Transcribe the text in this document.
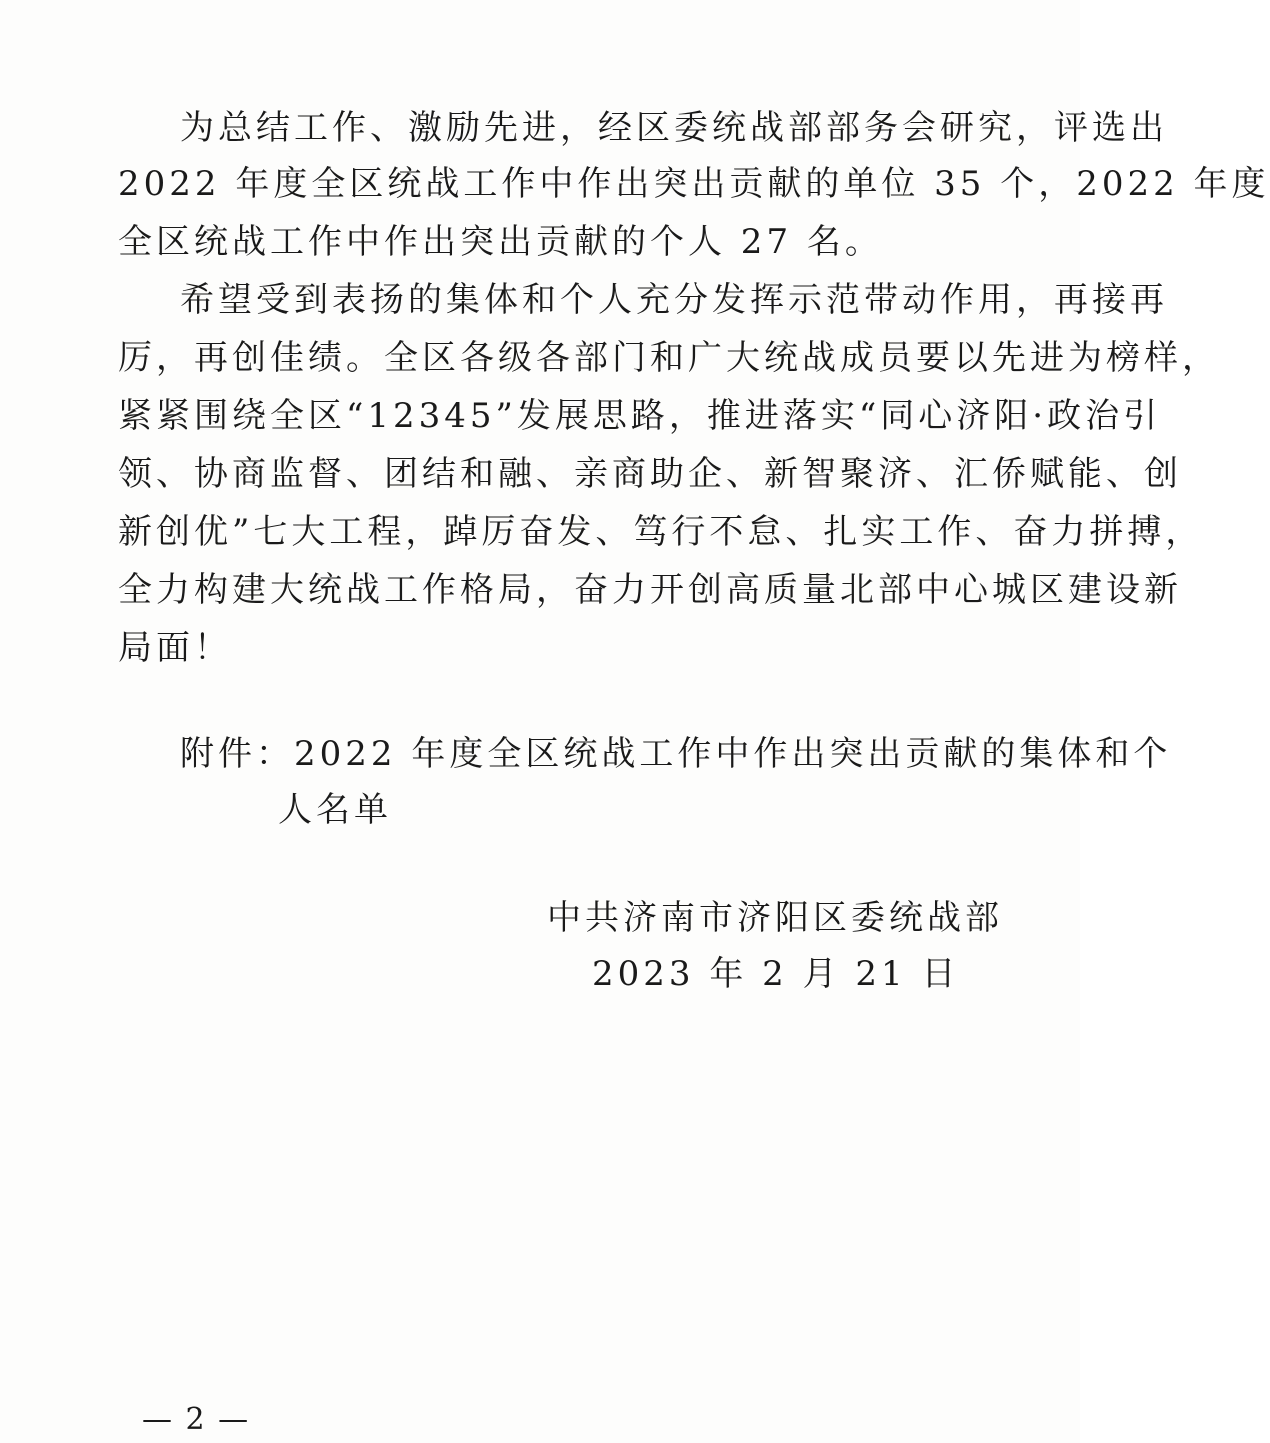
为总结工作、激励先进，经区委统战部部务会研究，评选出
2022 年度全区统战工作中作出突出贡献的单位 35 个，2022 年度
全区统战工作中作出突出贡献的个人 27 名。
希望受到表扬的集体和个人充分发挥示范带动作用，再接再
厉，再创佳绩。全区各级各部门和广大统战成员要以先进为榜样，
紧紧围绕全区“12345”发展思路，推进落实“同心济阳·政治引
领、协商监督、团结和融、亲商助企、新智聚济、汇侨赋能、创
新创优”七大工程，踔厉奋发、笃行不怠、扎实工作、奋力拼搏，
全力构建大统战工作格局，奋力开创高质量北部中心城区建设新
局面！
附件：2022 年度全区统战工作中作出突出贡献的集体和个
人名单
中共济南市济阳区委统战部
2023 年 2 月 21 日
— 2 —
